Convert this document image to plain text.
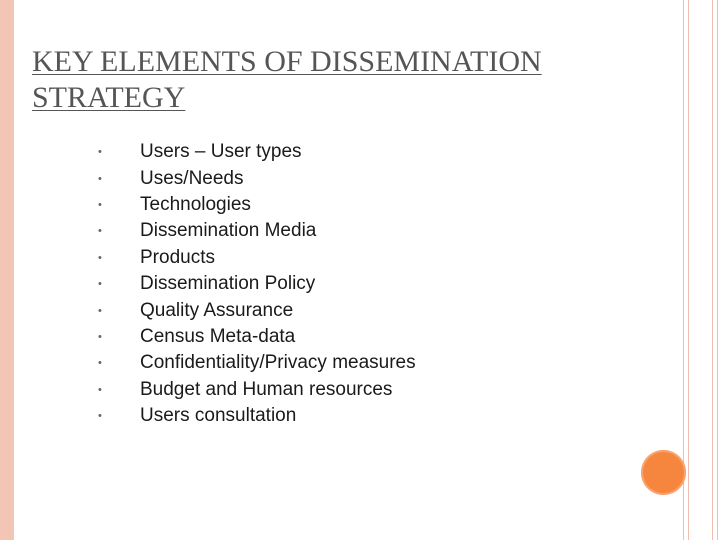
KEY ELEMENTS OF DISSEMINATION STRATEGY
•	Users – User types
•	Uses/Needs
•	Technologies
•	Dissemination Media
•	Products
•	Dissemination Policy
•	Quality Assurance
•	Census Meta-data
•	Confidentiality/Privacy measures
•	Budget and Human resources
•	Users consultation
